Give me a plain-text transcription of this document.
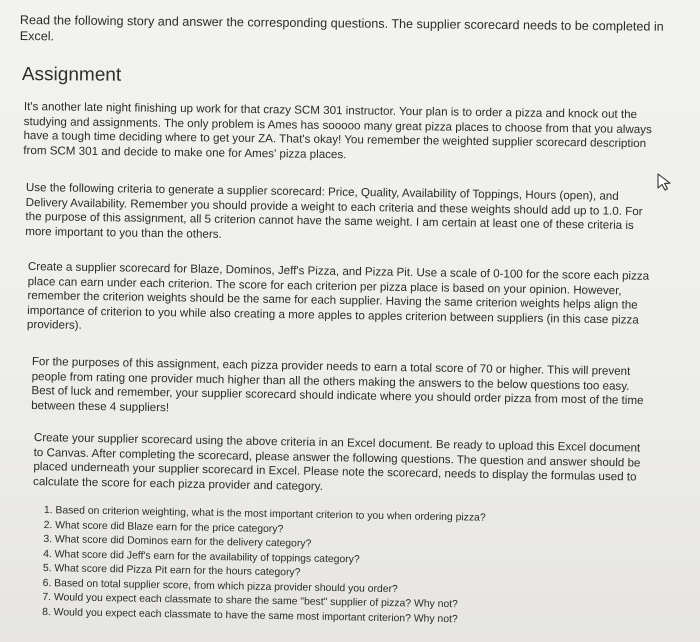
Read the following story and answer the corresponding questions. The supplier scorecard needs to be completed in Excel.
Assignment
It's another late night finishing up work for that crazy SCM 301 instructor. Your plan is to order a pizza and knock out the studying and assignments. The only problem is Ames has sooooo many great pizza places to choose from that you always have a tough time deciding where to get your ZA. That's okay! You remember the weighted supplier scorecard description from SCM 301 and decide to make one for Ames' pizza places.
Use the following criteria to generate a supplier scorecard: Price, Quality, Availability of Toppings, Hours (open), and Delivery Availability. Remember you should provide a weight to each criteria and these weights should add up to 1.0. For the purpose of this assignment, all 5 criterion cannot have the same weight. I am certain at least one of these criteria is more important to you than the others.
Create a supplier scorecard for Blaze, Dominos, Jeff's Pizza, and Pizza Pit. Use a scale of 0-100 for the score each pizza place can earn under each criterion. The score for each criterion per pizza place is based on your opinion. However, remember the criterion weights should be the same for each supplier. Having the same criterion weights helps align the importance of criterion to you while also creating a more apples to apples criterion between suppliers (in this case pizza providers).
For the purposes of this assignment, each pizza provider needs to earn a total score of 70 or higher. This will prevent people from rating one provider much higher than all the others making the answers to the below questions too easy. Best of luck and remember, your supplier scorecard should indicate where you should order pizza from most of the time between these 4 suppliers!
Create your supplier scorecard using the above criteria in an Excel document. Be ready to upload this Excel document to Canvas. After completing the scorecard, please answer the following questions. The question and answer should be placed underneath your supplier scorecard in Excel. Please note the scorecard, needs to display the formulas used to calculate the score for each pizza provider and category.
1. Based on criterion weighting, what is the most important criterion to you when ordering pizza?
2. What score did Blaze earn for the price category?
3. What score did Dominos earn for the delivery category?
4. What score did Jeff's earn for the availability of toppings category?
5. What score did Pizza Pit earn for the hours category?
6. Based on total supplier score, from which pizza provider should you order?
7. Would you expect each classmate to share the same "best" supplier of pizza? Why not?
8. Would you expect each classmate to have the same most important criterion? Why not?
